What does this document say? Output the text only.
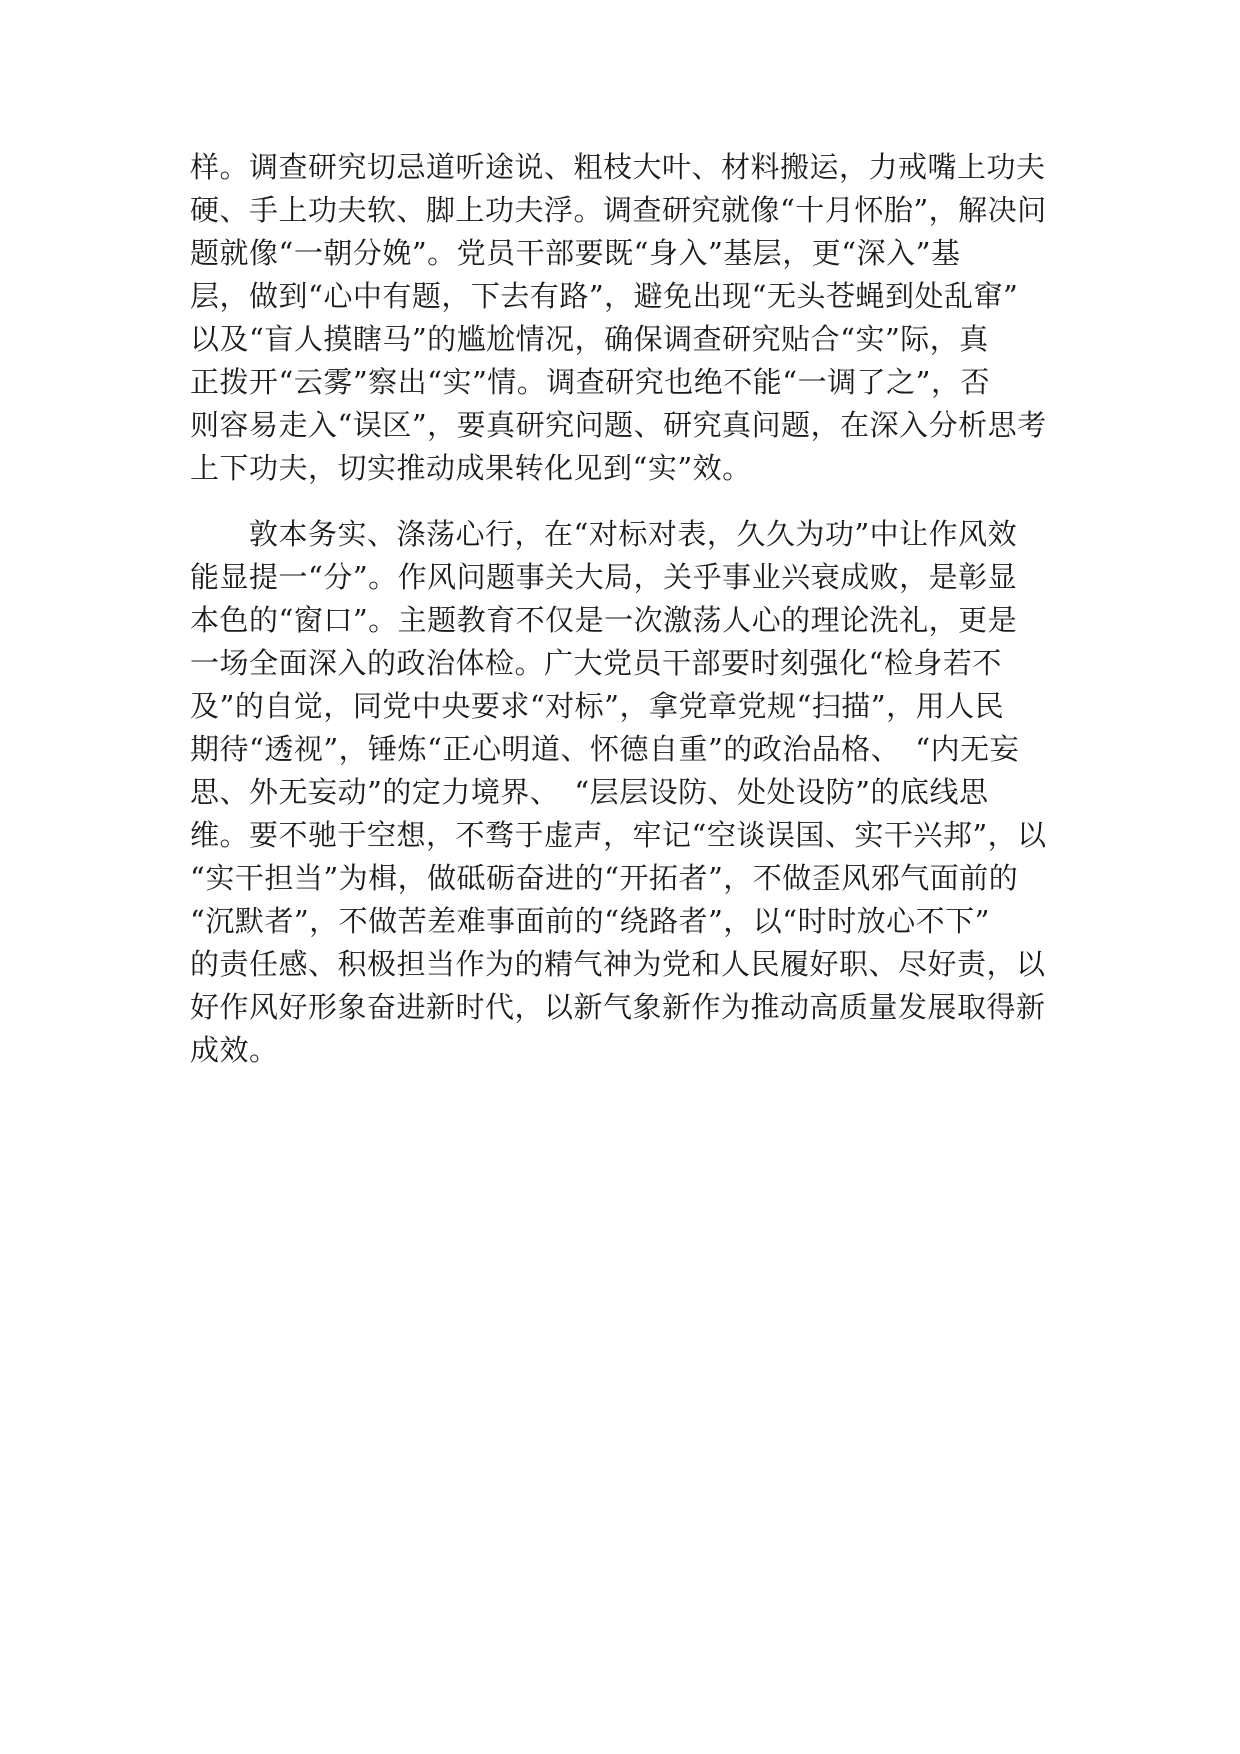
样。调查研究切忌道听途说、粗枝大叶、材料搬运，力戒嘴上功夫
硬、手上功夫软、脚上功夫浮。调查研究就像“十月怀胎”，解决问
题就像“一朝分娩”。党员干部要既“身入”基层，更“深入”基
层，做到“心中有题，下去有路”，避免出现“无头苍蝇到处乱窜”
以及“盲人摸瞎马”的尴尬情况，确保调查研究贴合“实”际，真
正拨开“云雾”察出“实”情。调查研究也绝不能“一调了之”，否
则容易走入“误区”，要真研究问题、研究真问题，在深入分析思考
上下功夫，切实推动成果转化见到“实”效。

　　敦本务实、涤荡心行，在“对标对表，久久为功”中让作风效
能显提一“分”。作风问题事关大局，关乎事业兴衰成败，是彰显
本色的“窗口”。主题教育不仅是一次激荡人心的理论洗礼，更是
一场全面深入的政治体检。广大党员干部要时刻强化“检身若不
及”的自觉，同党中央要求“对标”，拿党章党规“扫描”，用人民
期待“透视”，锤炼“正心明道、怀德自重”的政治品格、　“内无妄
思、外无妄动”的定力境界、　“层层设防、处处设防”的底线思
维。要不驰于空想，不骛于虚声，牢记“空谈误国、实干兴邦”，以
“实干担当”为楫，做砥砺奋进的“开拓者”，不做歪风邪气面前的
“沉默者”，不做苦差难事面前的“绕路者”，以“时时放心不下”
的责任感、积极担当作为的精气神为党和人民履好职、尽好责，以
好作风好形象奋进新时代，以新气象新作为推动高质量发展取得新
成效。
